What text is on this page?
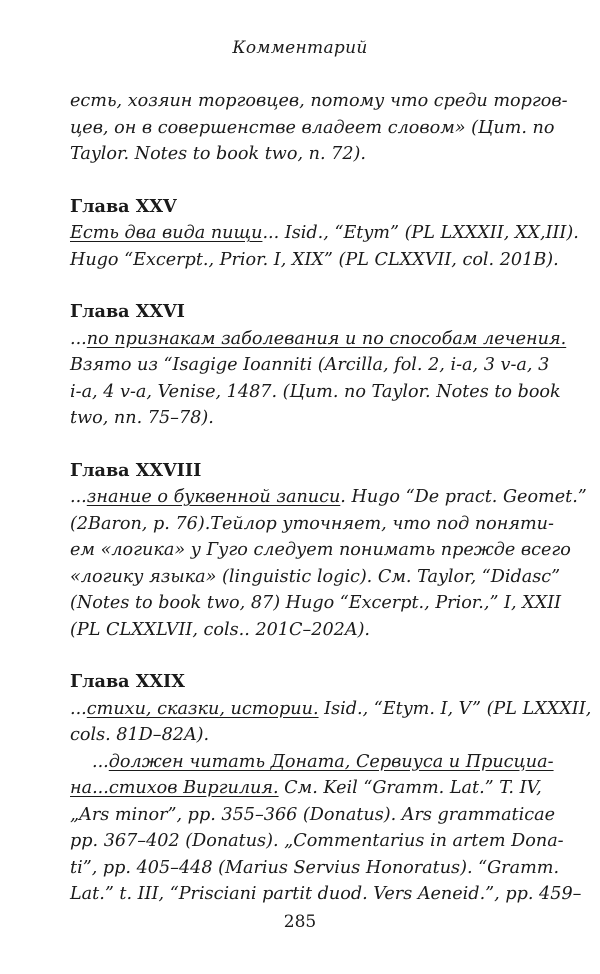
Комментарий
есть, хозяин торговцев, потому что среди торгов-
цев, он в совершенстве владеет словом» (Цит. по
Taylor. Notes to book two, n. 72).
Глава XXV
Есть два вида пищи... Isid., “Etym” (PL LXXXII, XX,III).
Hugo “Excerpt., Prior. I, XIX” (PL CLXXVII, col. 201B).
Глава XXVI
...по признакам заболевания и по способам лечения.
Взято из “Isagige Ioanniti (Arcilla, fol. 2, i-a, 3 v-a, 3
i-a, 4 v-a, Venise, 1487. (Цит. по Taylor. Notes to book
two, nn. 75–78).
Глава XXVIII
...знание о буквенной записи. Hugo “De pract. Geomet.”
(2Baron, p. 76).Тейлор уточняет, что под поняти-
ем «логика» у Гуго следует понимать прежде всего
«логику языка» (linguistic logic). См. Taylor, “Didasc”
(Notes to book two, 87) Hugo “Excerpt., Prior.,” I, XXII
(PL CLXXLVII, cols.. 201C–202A).
Глава XXIX
...стихи, сказки, истории. Isid., “Etym. I, V” (PL LXXXII,
cols. 81D–82A).
...должен читать Доната, Сервиуса и Присциа-
на...стихов Виргилия. См. Keil “Gramm. Lat.” T. IV,
„Ars minor”, pp. 355–366 (Donatus). Ars grammaticae
pp. 367–402 (Donatus). „Commentarius in artem Donа-
ti”, pp. 405–448 (Marius Servius Honoratus). “Gramm.
Lat.” t. III, “Prisciani partit duod. Vers Aeneid.”, pp. 459–
285
